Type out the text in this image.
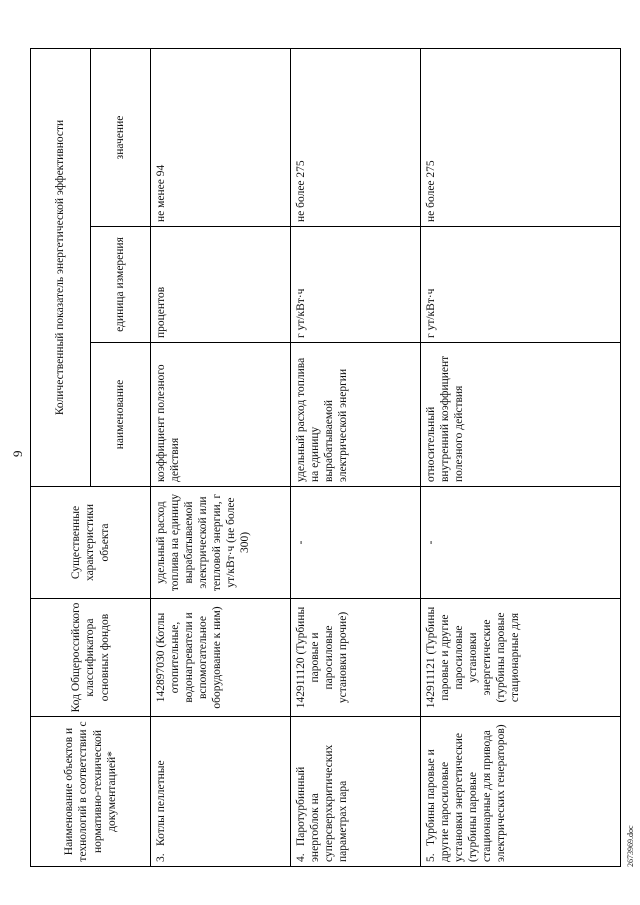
9
Наименование объектов и технологий в соответствии с нормативно-технической документацией*	Код Общероссийского классификатора основных фондов	Существенные характеристики объекта	Количественный показатель энергетической эффективности		
			наименование	единица измерения	значение
3.Котлы пеллетные	142897030 (Котлы отопительные, водонагреватели и вспомогательное оборудование к ним)	удельный расход топлива на единицу вырабатываемой электрической или тепловой энергии, г ут/кВт·ч (не более 300)	коэффициент полезного действия	процентов	не менее 94
4.Паротурбинный энергоблок на суперсверхкритических параметрах пара	142911120 (Турбины паровые и паросиловые установки прочие)	-	удельный расход топлива на единицу вырабатываемой электрической энергии	г ут/кВт·ч	не более 275
5.Турбины паровые и другие паросиловые установки энергетические (турбины паровые стационарные для привода электрических генераторов)	142911121 (Турбины паровые и другие паросиловые установки энергетические (турбины паровые стационарные для	-	относительный внутренний коэффициент полезного действия	г ут/кВт·ч	не более 275
2673969.doc
